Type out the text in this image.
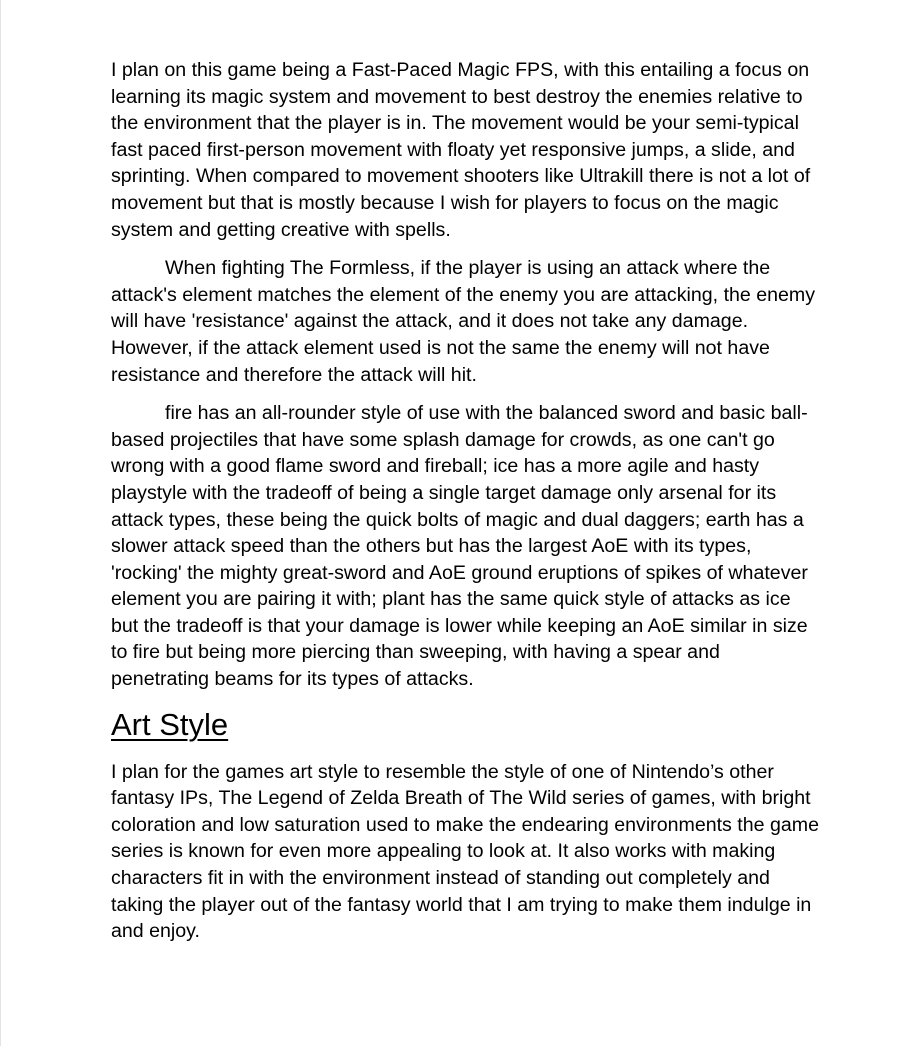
I plan on this game being a Fast-Paced Magic FPS, with this entailing a focus on learning its magic system and movement to best destroy the enemies relative to the environment that the player is in. The movement would be your semi-typical fast paced first-person movement with floaty yet responsive jumps, a slide, and sprinting. When compared to movement shooters like Ultrakill there is not a lot of movement but that is mostly because I wish for players to focus on the magic system and getting creative with spells.

When fighting The Formless, if the player is using an attack where the attack's element matches the element of the enemy you are attacking, the enemy will have 'resistance' against the attack, and it does not take any damage. However, if the attack element used is not the same the enemy will not have resistance and therefore the attack will hit.

fire has an all-rounder style of use with the balanced sword and basic ball-based projectiles that have some splash damage for crowds, as one can't go wrong with a good flame sword and fireball; ice has a more agile and hasty playstyle with the tradeoff of being a single target damage only arsenal for its attack types, these being the quick bolts of magic and dual daggers; earth has a slower attack speed than the others but has the largest AoE with its types, 'rocking' the mighty great-sword and AoE ground eruptions of spikes of whatever element you are pairing it with; plant has the same quick style of attacks as ice but the tradeoff is that your damage is lower while keeping an AoE similar in size to fire but being more piercing than sweeping, with having a spear and penetrating beams for its types of attacks.

Art Style

I plan for the games art style to resemble the style of one of Nintendo’s other fantasy IPs, The Legend of Zelda Breath of The Wild series of games, with bright coloration and low saturation used to make the endearing environments the game series is known for even more appealing to look at. It also works with making characters fit in with the environment instead of standing out completely and taking the player out of the fantasy world that I am trying to make them indulge in and enjoy.
